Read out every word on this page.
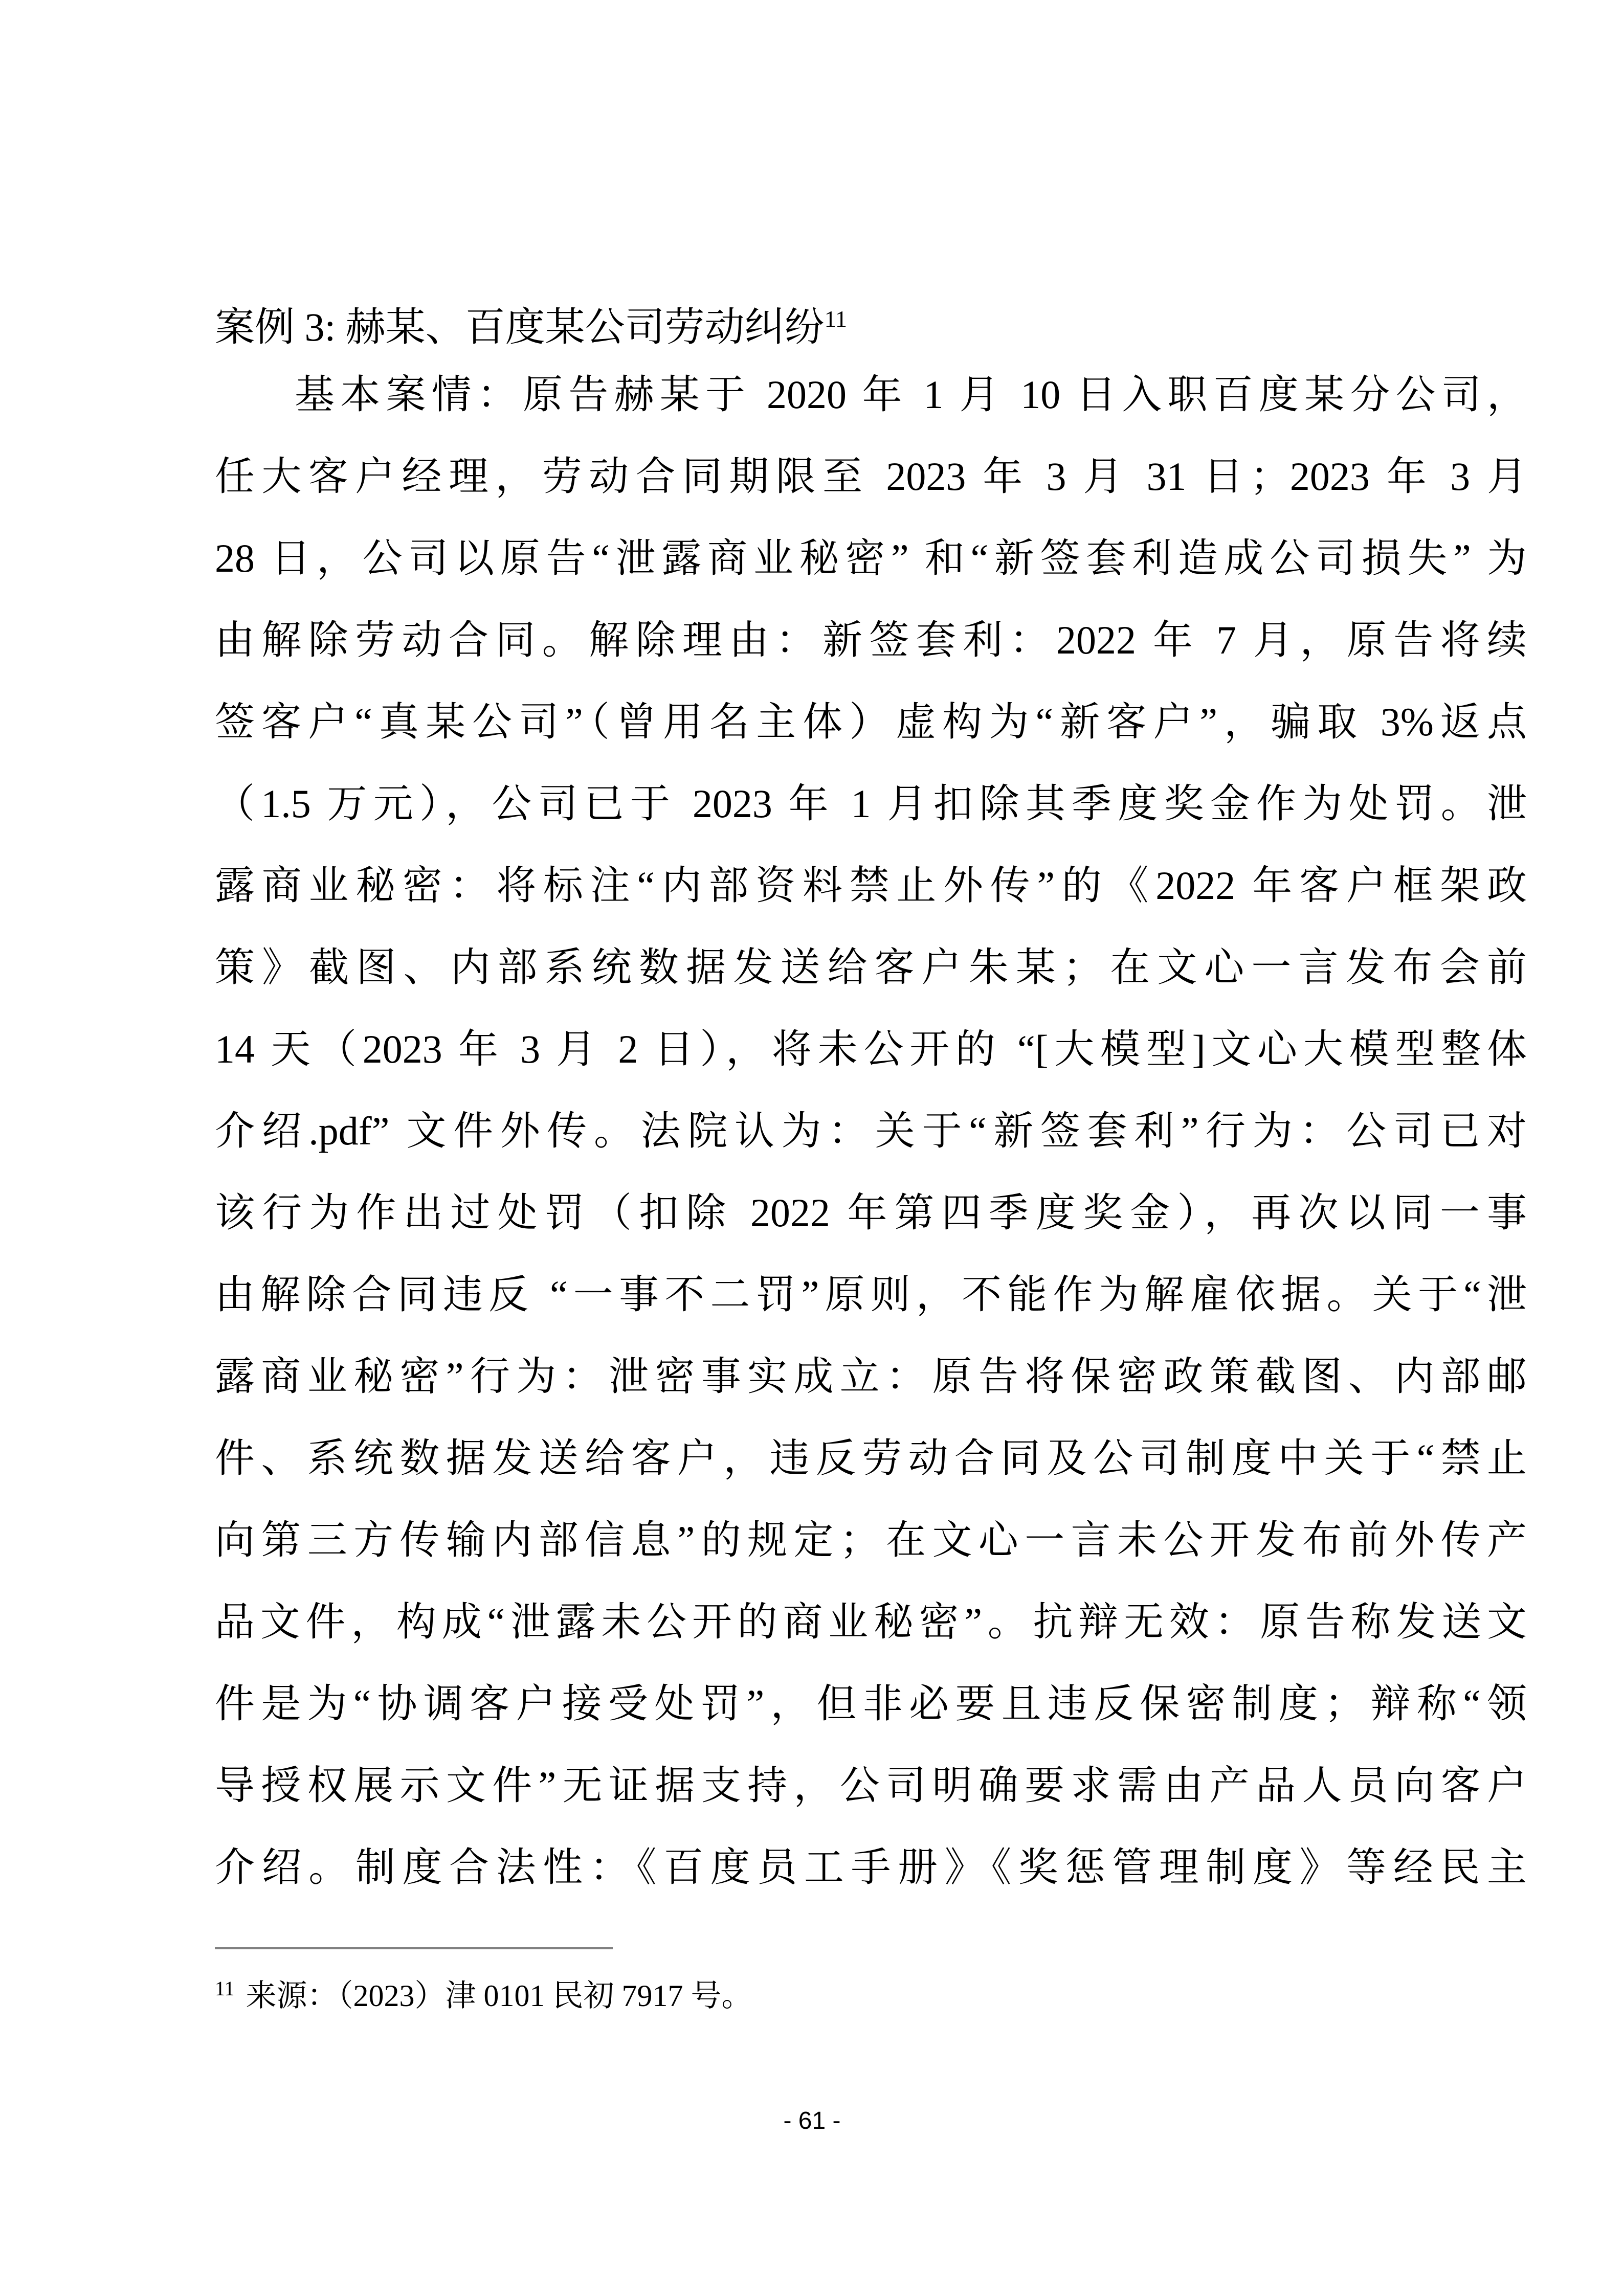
案例 3: 赫某、百度某公司劳动纠纷$^{11}$
基本案情：原告赫某于 2020 年 1 月 10 日入职百度某分公司，
任大客户经理，劳动合同期限至 2023 年 3 月 31 日；2023 年 3 月
28 日，公司以原告“泄露商业秘密” 和“新签套利造成公司损失” 为
由解除劳动合同。解除理由：新签套利：2022 年 7 月，原告将续
签客户“真某公司”（曾用名主体）虚构为“新客户”，骗取 3%返点
（1.5 万元），公司已于 2023 年 1 月扣除其季度奖金作为处罚。泄
露商业秘密：将标注“内部资料禁止外传”的《2022 年客户框架政
策》截图、内部系统数据发送给客户朱某；在文心一言发布会前
14 天（2023 年 3 月 2 日），将未公开的 “[大模型]文心大模型整体
介绍.pdf” 文件外传。法院认为：关于“新签套利”行为：公司已对
该行为作出过处罚（扣除 2022 年第四季度奖金），再次以同一事
由解除合同违反 “一事不二罚”原则，不能作为解雇依据。关于“泄
露商业秘密”行为：泄密事实成立：原告将保密政策截图、内部邮
件、系统数据发送给客户，违反劳动合同及公司制度中关于“禁止
向第三方传输内部信息”的规定；在文心一言未公开发布前外传产
品文件，构成“泄露未公开的商业秘密”。抗辩无效：原告称发送文
件是为“协调客户接受处罚”，但非必要且违反保密制度；辩称“领
导授权展示文件”无证据支持，公司明确要求需由产品人员向客户
介绍。制度合法性：《百度员工手册》《奖惩管理制度》等经民主
$^{11}$ 来源：（2023）津 0101 民初 7917 号。
- 61 -
